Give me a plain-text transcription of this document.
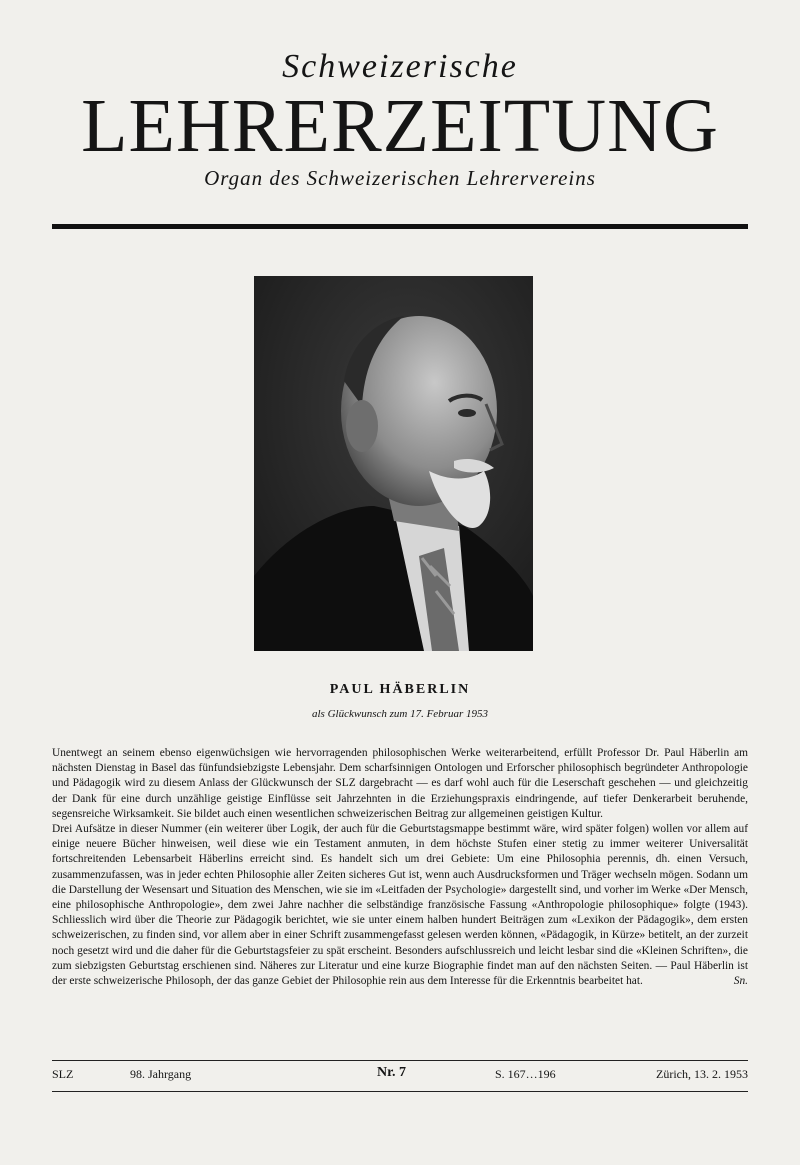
Schweizerische
LEHRERZEITUNG
Organ des Schweizerischen Lehrervereins
PAUL HÄBERLIN
als Glückwunsch zum 17. Februar 1953

Unentwegt an seinem ebenso eigenwüchsigen wie hervorragenden philosophischen Werke weiterarbeitend, erfüllt Professor Dr. Paul Häberlin am nächsten Dienstag in Basel das fünfundsiebzigste Lebensjahr. Dem scharfsinnigen Ontologen und Erforscher philosophisch begründeter Anthropologie und Pädagogik wird zu diesem Anlass der Glückwunsch der SLZ dargebracht — es darf wohl auch für die Leserschaft geschehen — und gleichzeitig der Dank für eine durch unzählige geistige Einflüsse seit Jahrzehnten in die Erziehungspraxis eindringende, auf tiefer Denkerarbeit beruhende, segensreiche Wirksamkeit. Sie bildet auch einen wesentlichen schweizerischen Beitrag zur allgemeinen geistigen Kultur.

Drei Aufsätze in dieser Nummer (ein weiterer über Logik, der auch für die Geburtstagsmappe bestimmt wäre, wird später folgen) wollen vor allem auf einige neuere Bücher hinweisen, weil diese wie ein Testament anmuten, in dem höchste Stufen einer stetig zu immer weiterer Universalität fortschreitenden Lebensarbeit Häberlins erreicht sind. Es handelt sich um drei Gebiete: Um eine Philosophia perennis, dh. einen Versuch, zusammenzufassen, was in jeder echten Philosophie aller Zeiten sicheres Gut ist, wenn auch Ausdrucksformen und Träger wechseln mögen. Sodann um die Darstellung der Wesensart und Situation des Menschen, wie sie im «Leitfaden der Psychologie» dargestellt sind, und vorher im Werke «Der Mensch, eine philosophische Anthropologie», dem zwei Jahre nachher die selbständige französische Fassung «Anthropologie philosophique» folgte (1943). Schliesslich wird über die Theorie zur Pädagogik berichtet, wie sie unter einem halben hundert Beiträgen zum «Lexikon der Pädagogik», dem ersten schweizerischen, zu finden sind, vor allem aber in einer Schrift zusammengefasst gelesen werden können, «Pädagogik, in Kürze» betitelt, an der zurzeit noch gesetzt wird und die daher für die Geburtstagsfeier zu spät erscheint. Besonders aufschlussreich und leicht lesbar sind die «Kleinen Schriften», die zum siebzigsten Geburtstag erschienen sind. Näheres zur Literatur und eine kurze Biographie findet man auf den nächsten Seiten. — Paul Häberlin ist der erste schweizerische Philosoph, der das ganze Gebiet der Philosophie rein aus dem Interesse für die Erkenntnis bearbeitet hat.	Sn.

SLZ	98. Jahrgang	Nr. 7	S. 167…196	Zürich, 13. 2. 1953
